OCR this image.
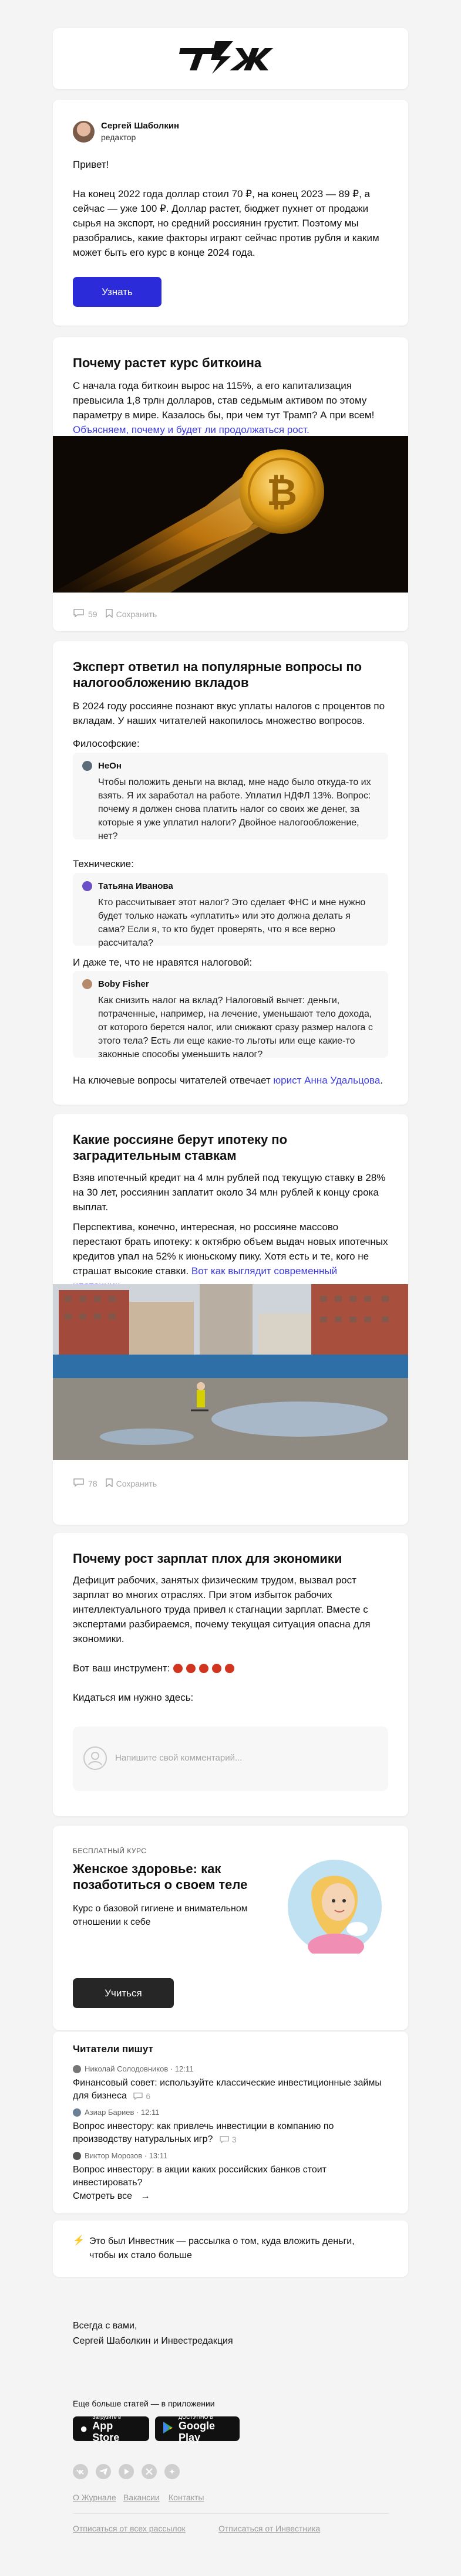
Сергей Шаболкин
редактор
Привет!
На конец 2022 года доллар стоил 70 ₽, на конец 2023 — 89 ₽, а сейчас — уже 100 ₽. Доллар растет, бюджет пухнет от продажи сырья на экспорт, но средний россиянин грустит. Поэтому мы разобрались, какие факторы играют сейчас против рубля и каким может быть его курс в конце 2024 года.
Узнать
Почему растет курс биткоина
С начала года биткоин вырос на 115%, а его капитализация превысила 1,8 трлн долларов, став седьмым активом по этому параметру в мире. Казалось бы, при чем тут Трамп? А при всем! Объясняем, почему и будет ли продолжаться рост.
₿
59 Сохранить
Эксперт ответил на популярные вопросы по налогообложению вкладов
В 2024 году россияне познают вкус уплаты налогов с процентов по вкладам. У наших читателей накопилось множество вопросов.
Философские:
НеОн
Чтобы положить деньги на вклад, мне надо было откуда-то их взять. Я их заработал на работе. Уплатил НДФЛ 13%. Вопрос: почему я должен снова платить налог со своих же денег, за которые я уже уплатил налоги? Двойное налогообложение, нет?
Технические:
Татьяна Иванова
Кто рассчитывает этот налог? Это сделает ФНС и мне нужно будет только нажать «уплатить» или это должна делать я сама? Если я, то кто будет проверять, что я все верно рассчитала?
И даже те, что не нравятся налоговой:
Boby Fisher
Как снизить налог на вклад? Налоговый вычет: деньги, потраченные, например, на лечение, уменьшают тело дохода, от которого берется налог, или снижают сразу размер налога с этого тела? Есть ли еще какие-то льготы или еще какие-то законные способы уменьшить налог?
На ключевые вопросы читателей отвечает юрист Анна Удальцова.
Какие россияне берут ипотеку по заградительным ставкам
Взяв ипотечный кредит на 4 млн рублей под текущую ставку в 28% на 30 лет, россиянин заплатит около 34 млн рублей к концу срока выплат.
Перспектива, конечно, интересная, но россияне массово перестают брать ипотеку: к октябрю объем выдач новых ипотечных кредитов упал на 52% к июньскому пику. Хотя есть и те, кого не страшат высокие ставки. Вот как выглядит современный
78 Сохранить
Почему рост зарплат плох для экономики
Дефицит рабочих, занятых физическим трудом, вызвал рост зарплат во многих отраслях. При этом избыток рабочих интеллектуального труда привел к стагнации зарплат. Вместе с экспертами разбираемся, почему текущая ситуация опасна для экономики.
Вот ваш инструмент:
Кидаться им нужно здесь:
Напишите свой комментарий...
БЕСПЛАТНЫЙ КУРС
Женское здоровье: как позаботиться о своем теле
Курс о базовой гигиене и внимательном отношении к себе
Учиться
Читатели пишут
Николай Солодовников · 12:11
Финансовый совет: используйте классические инвестиционные займы для бизнеса 6
Азиар Бариев · 12:11
Вопрос инвестору: как привлечь инвестиции в компанию по производству натуральных игр? 3
Виктор Морозов · 13:11
Вопрос инвестору: в акции каких российских банков стоит инвестировать?
Смотреть все →
⚡ Это был Инвестник — рассылка о том, куда вложить деньги, чтобы их стало больше
Всегда с вами,
Сергей Шаболкин и Инвестредакция
Еще больше статей — в приложении
●
Загрузите в
App Store
ДОСТУПНО В
Google Play
О Журнале Вакансии Контакты
Отписаться от всех рассылок	Отписаться от Инвестника
